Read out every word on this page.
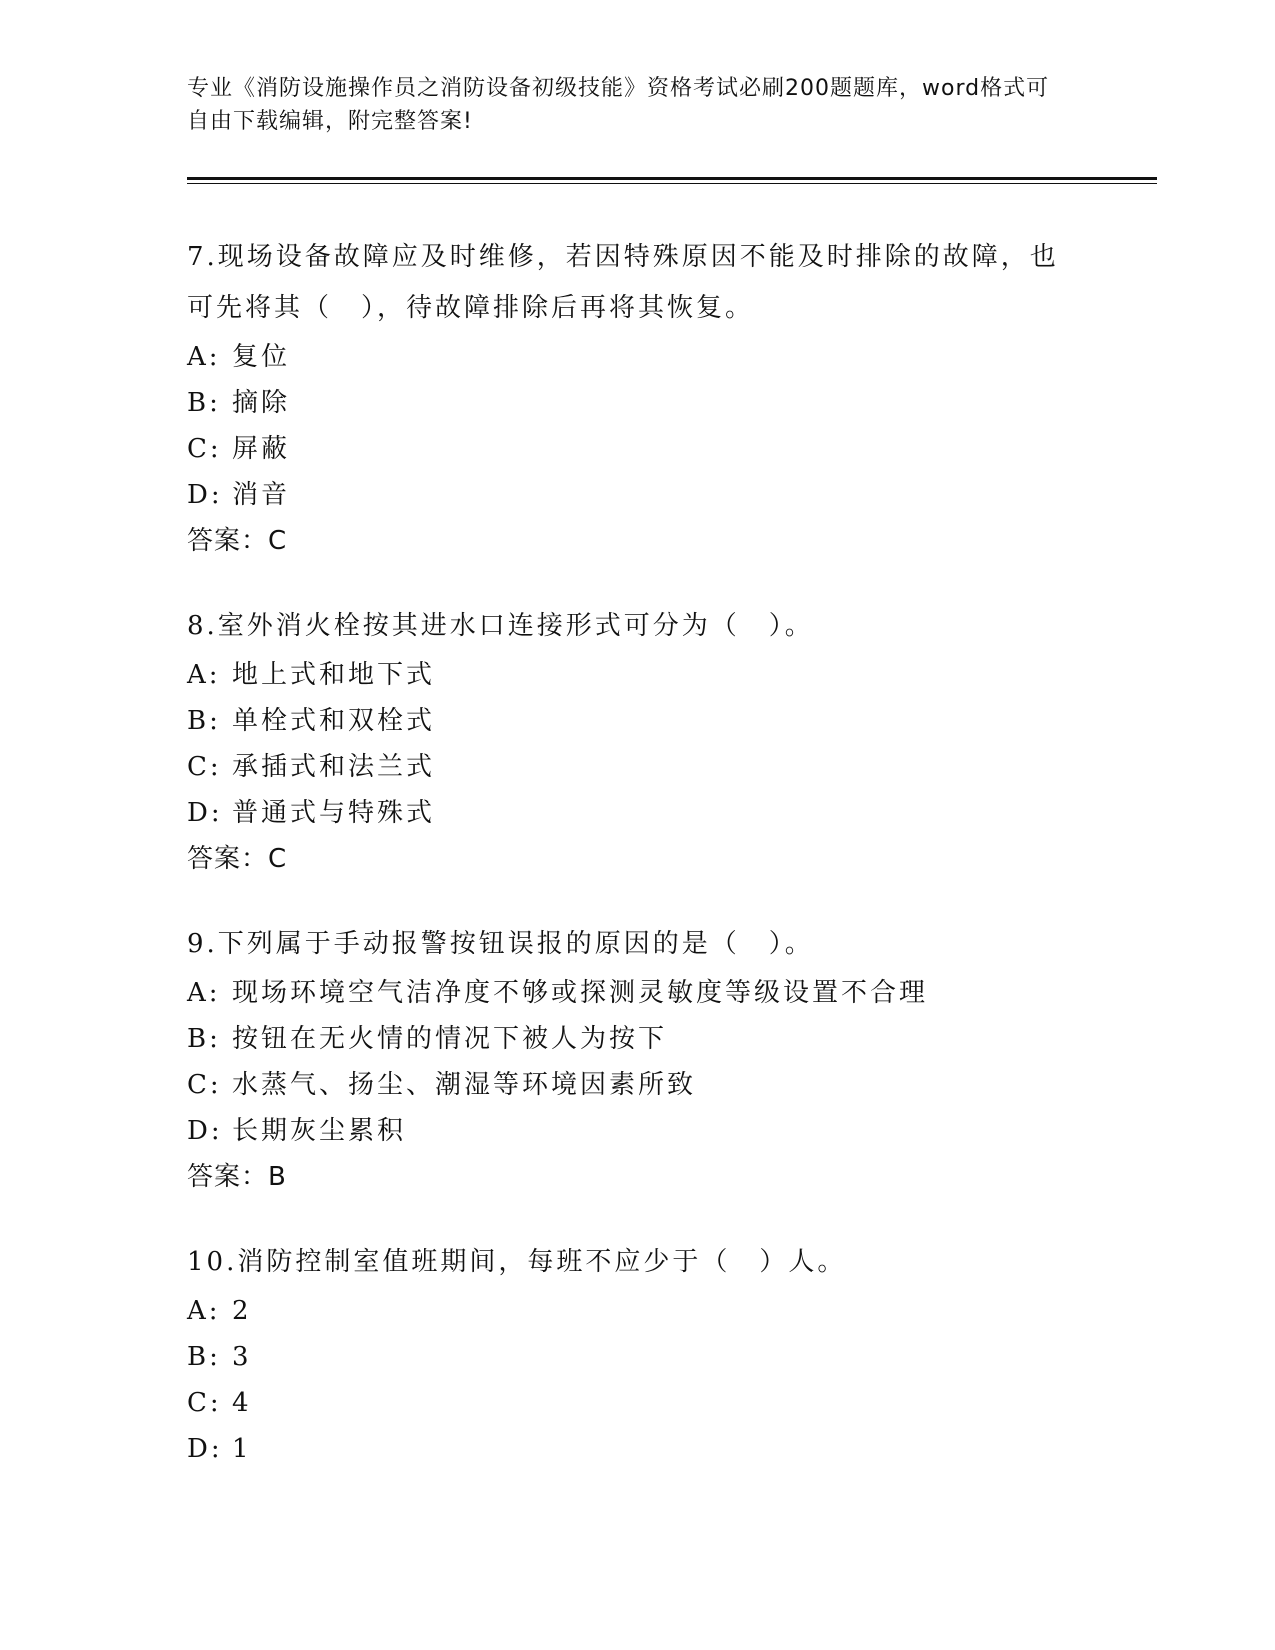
专业《消防设施操作员之消防设备初级技能》资格考试必刷200题题库，word格式可自由下载编辑，附完整答案!

7.现场设备故障应及时维修，若因特殊原因不能及时排除的故障，也可先将其（　），待故障排除后再将其恢复。

A: 复位
B: 摘除
C: 屏蔽
D: 消音
答案：C

8.室外消火栓按其进水口连接形式可分为（　）。

A: 地上式和地下式
B: 单栓式和双栓式
C: 承插式和法兰式
D: 普通式与特殊式
答案：C

9.下列属于手动报警按钮误报的原因的是（　）。

A: 现场环境空气洁净度不够或探测灵敏度等级设置不合理
B: 按钮在无火情的情况下被人为按下
C: 水蒸气、扬尘、潮湿等环境因素所致
D: 长期灰尘累积
答案：B

10.消防控制室值班期间，每班不应少于（　）人。

A: 2
B: 3
C: 4
D: 1
